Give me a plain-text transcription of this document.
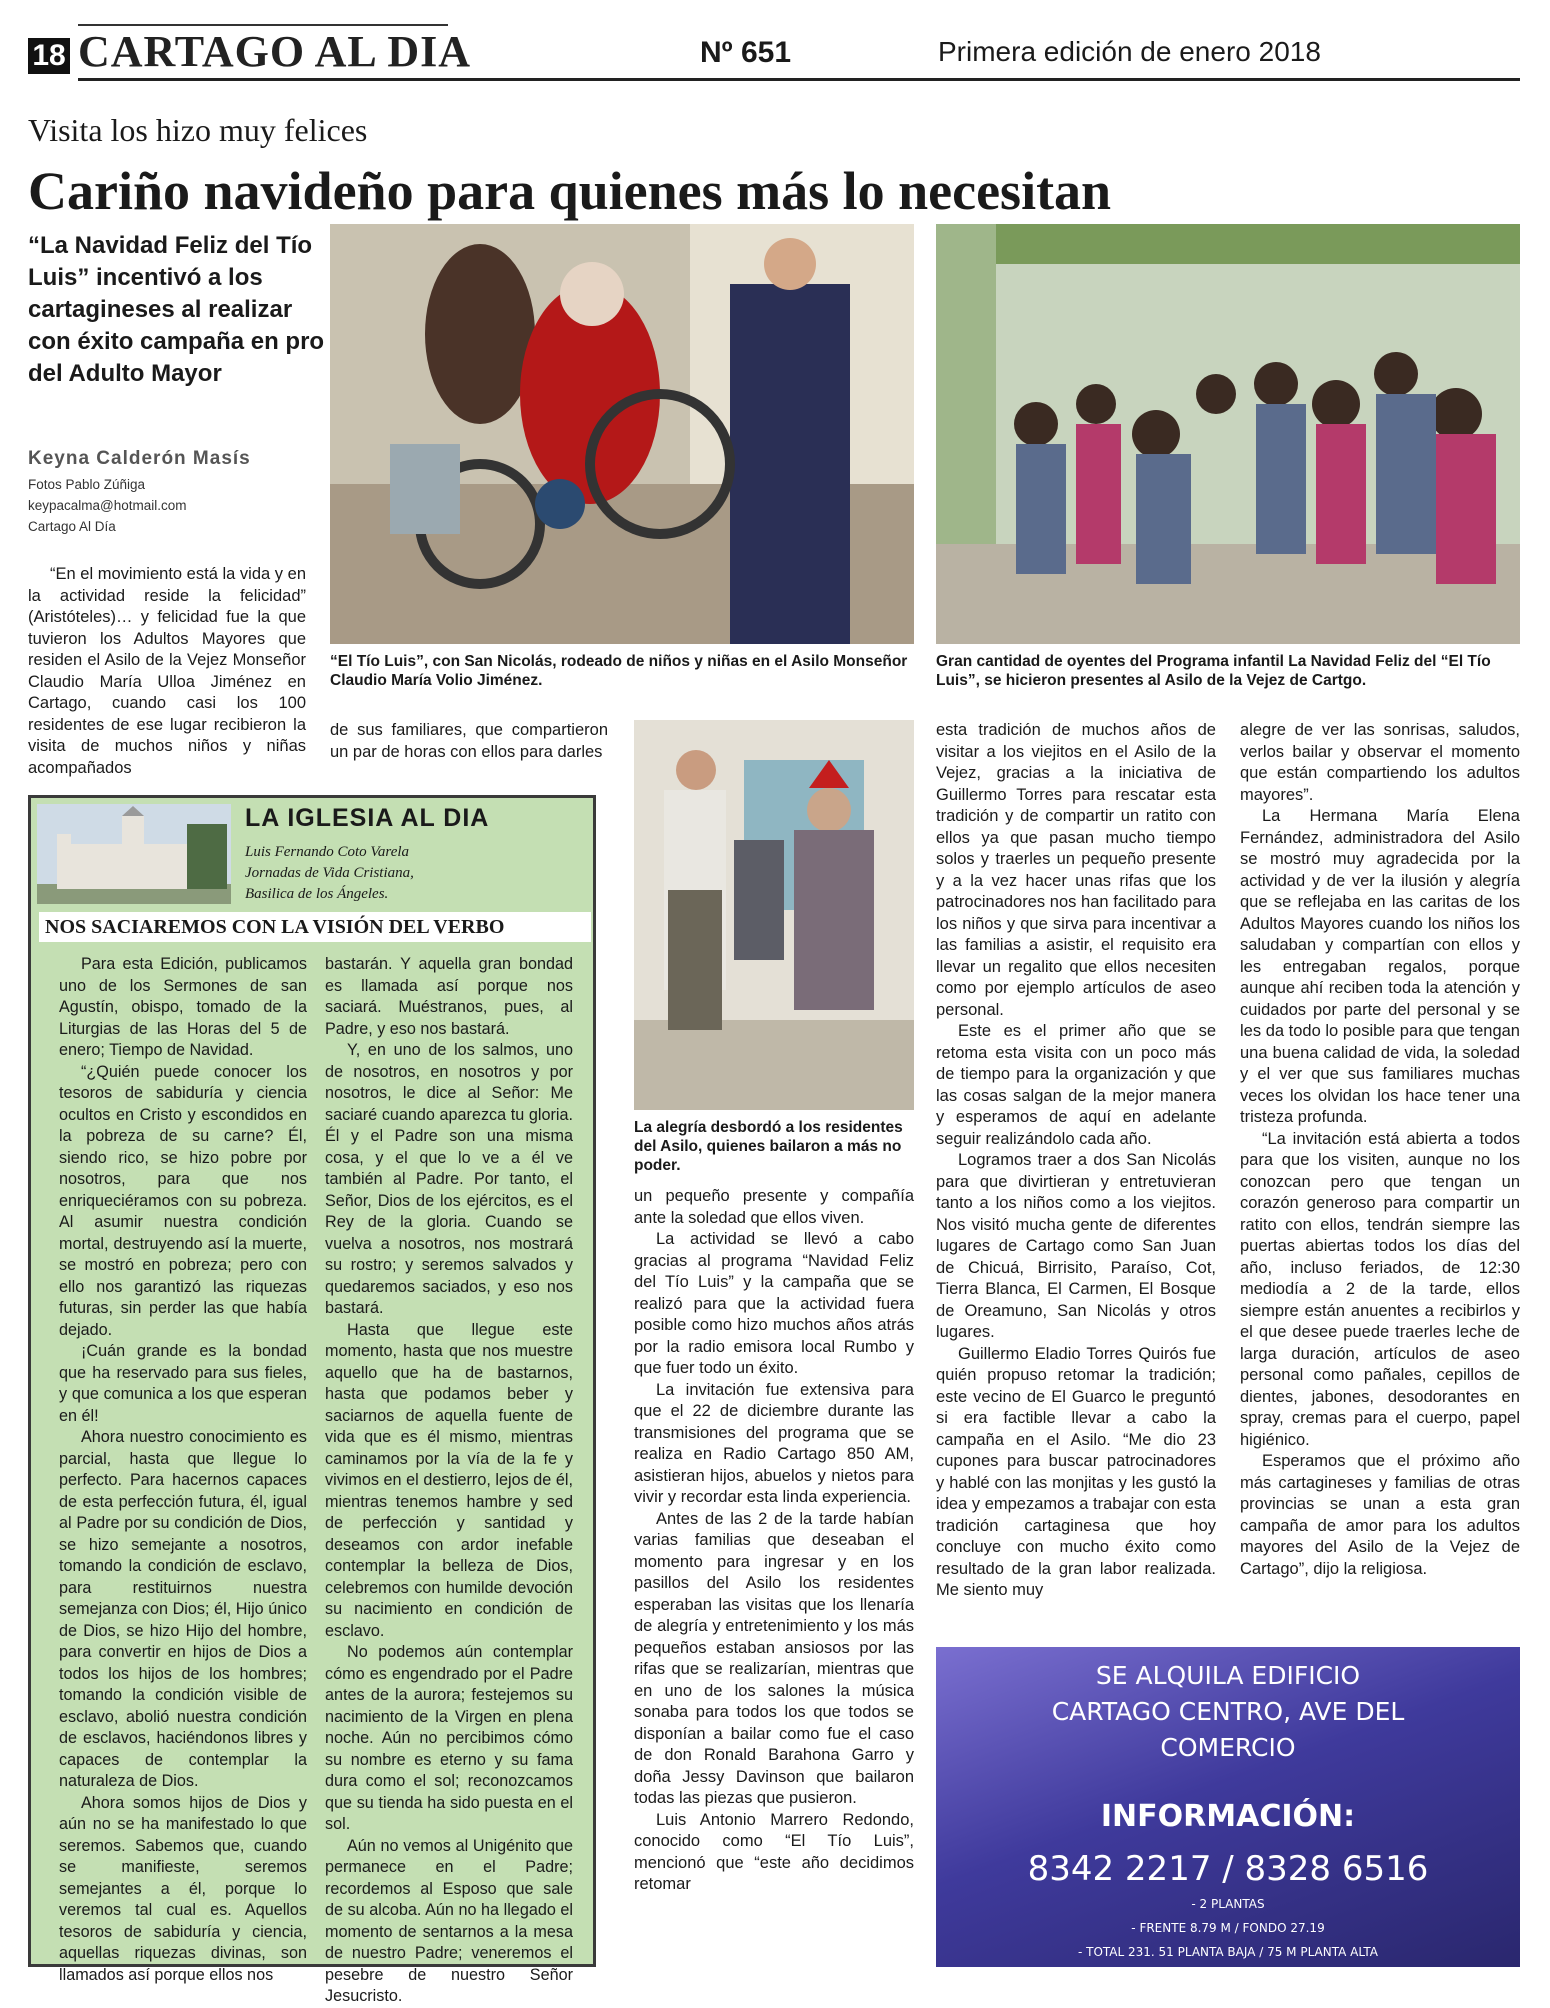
18 CARTAGO AL DIA	Nº 651	Primera edición de enero 2018
Visita los hizo muy felices
Cariño navideño para quienes más lo necesitan
“La Navidad Feliz del Tío Luis” incentivó a los cartagineses al realizar con éxito campaña en pro del Adulto Mayor
Keyna Calderón Masís
Fotos Pablo Zúñiga
keypacalma@hotmail.com
Cartago Al Día

“En el movimiento está la vida y en la actividad reside la felicidad” (Aristóteles)… y felicidad fue la que tuvieron los Adultos Mayores que residen el Asilo de la Vejez Monseñor Claudio María Ulloa Jiménez en Cartago, cuando casi los 100 residentes de ese lugar recibieron la visita de muchos niños y niñas acompañados

“El Tío Luis”, con San Nicolás, rodeado de niños y niñas en el Asilo Monseñor Claudio María Volio Jiménez.
Gran cantidad de oyentes del Programa infantil La Navidad Feliz del “El Tío Luis”, se hicieron presentes al Asilo de la Vejez de Cartgo.

de sus familiares, que compartieron un par de horas con ellos para darles

La alegría desbordó a los residentes del Asilo, quienes bailaron a más no poder.

un pequeño presente y compañía ante la soledad que ellos viven.

La actividad se llevó a cabo gracias al programa “Navidad Feliz del Tío Luis” y la campaña que se realizó para que la actividad fuera posible como hizo muchos años atrás por la radio emisora local Rumbo y que fuer todo un éxito.

La invitación fue extensiva para que el 22 de diciembre durante las transmisiones del programa que se realiza en Radio Cartago 850 AM, asistieran hijos, abuelos y nietos para vivir y recordar esta linda experiencia.

Antes de las 2 de la tarde habían varias familias que deseaban el momento para ingresar y en los pasillos del Asilo los residentes esperaban las visitas que los llenaría de alegría y entretenimiento y los más pequeños estaban ansiosos por las rifas que se realizarían, mientras que en uno de los salones la música sonaba para todos los que todos se disponían a bailar como fue el caso de don Ronald Barahona Garro y doña Jessy Davinson que bailaron todas las piezas que pusieron.

Luis Antonio Marrero Redondo, conocido como “El Tío Luis”, mencionó que “este año decidimos retomar

esta tradición de muchos años de visitar a los viejitos en el Asilo de la Vejez, gracias a la iniciativa de Guillermo Torres para rescatar esta tradición y de compartir un ratito con ellos ya que pasan mucho tiempo solos y traerles un pequeño presente y a la vez hacer unas rifas que los patrocinadores nos han facilitado para los niños y que sirva para incentivar a las familias a asistir, el requisito era llevar un regalito que ellos necesiten como por ejemplo artículos de aseo personal.

Este es el primer año que se retoma esta visita con un poco más de tiempo para la organización y que las cosas salgan de la mejor manera y esperamos de aquí en adelante seguir realizándolo cada año.

Logramos traer a dos San Nicolás para que divirtieran y entretuvieran tanto a los niños como a los viejitos. Nos visitó mucha gente de diferentes lugares de Cartago como San Juan de Chicuá, Birrisito, Paraíso, Cot, Tierra Blanca, El Carmen, El Bosque de Oreamuno, San Nicolás y otros lugares.

Guillermo Eladio Torres Quirós fue quién propuso retomar la tradición; este vecino de El Guarco le preguntó si era factible llevar a cabo la campaña en el Asilo. “Me dio 23 cupones para buscar patrocinadores y hablé con las monjitas y les gustó la idea y empezamos a trabajar con esta tradición cartaginesa que hoy concluye con mucho éxito como resultado de la gran labor realizada. Me siento muy

alegre de ver las sonrisas, saludos, verlos bailar y observar el momento que están compartiendo los adultos mayores”.

La Hermana María Elena Fernández, administradora del Asilo se mostró muy agradecida por la actividad y de ver la ilusión y alegría que se reflejaba en las caritas de los Adultos Mayores cuando los niños los saludaban y compartían con ellos y les entregaban regalos, porque aunque ahí reciben toda la atención y cuidados por parte del personal y se les da todo lo posible para que tengan una buena calidad de vida, la soledad y el ver que sus familiares muchas veces los olvidan los hace tener una tristeza profunda.

“La invitación está abierta a todos para que los visiten, aunque no los conozcan pero que tengan un corazón generoso para compartir un ratito con ellos, tendrán siempre las puertas abiertas todos los días del año, incluso feriados, de 12:30 mediodía a 2 de la tarde, ellos siempre están anuentes a recibirlos y el que desee puede traerles leche de larga duración, artículos de aseo personal como pañales, cepillos de dientes, jabones, desodorantes en spray, cremas para el cuerpo, papel higiénico.

Esperamos que el próximo año más cartagineses y familias de otras provincias se unan a esta gran campaña de amor para los adultos mayores del Asilo de la Vejez de Cartago”, dijo la religiosa.

LA IGLESIA AL DIA
Luis Fernando Coto Varela
Jornadas de Vida Cristiana,
Basilica de los Ángeles.
NOS SACIAREMOS CON LA VISIÓN DEL VERBO

Para esta Edición, publicamos uno de los Sermones de san Agustín, obispo, tomado de la Liturgias de las Horas del 5 de enero; Tiempo de Navidad.

“¿Quién puede conocer los tesoros de sabiduría y ciencia ocultos en Cristo y escondidos en la pobreza de su carne? Él, siendo rico, se hizo pobre por nosotros, para que nos enriqueciéramos con su pobreza. Al asumir nuestra condición mortal, destruyendo así la muerte, se mostró en pobreza; pero con ello nos garantizó las riquezas futuras, sin perder las que había dejado.

¡Cuán grande es la bondad que ha reservado para sus fieles, y que comunica a los que esperan en él!

Ahora nuestro conocimiento es parcial, hasta que llegue lo perfecto. Para hacernos capaces de esta perfección futura, él, igual al Padre por su condición de Dios, se hizo semejante a nosotros, tomando la condición de esclavo, para restituirnos nuestra semejanza con Dios; él, Hijo único de Dios, se hizo Hijo del hombre, para convertir en hijos de Dios a todos los hijos de los hombres; tomando la condición visible de esclavo, abolió nuestra condición de esclavos, haciéndonos libres y capaces de contemplar la naturaleza de Dios.

Ahora somos hijos de Dios y aún no se ha manifestado lo que seremos. Sabemos que, cuando se manifieste, seremos semejantes a él, porque lo veremos tal cual es. Aquellos tesoros de sabiduría y ciencia, aquellas riquezas divinas, son llamados así porque ellos nos

bastarán. Y aquella gran bondad es llamada así porque nos saciará. Muéstranos, pues, al Padre, y eso nos bastará.

Y, en uno de los salmos, uno de nosotros, en nosotros y por nosotros, le dice al Señor: Me saciaré cuando aparezca tu gloria. Él y el Padre son una misma cosa, y el que lo ve a él ve también al Padre. Por tanto, el Señor, Dios de los ejércitos, es el Rey de la gloria. Cuando se vuelva a nosotros, nos mostrará su rostro; y seremos salvados y quedaremos saciados, y eso nos bastará.

Hasta que llegue este momento, hasta que nos muestre aquello que ha de bastarnos, hasta que podamos beber y saciarnos de aquella fuente de vida que es él mismo, mientras caminamos por la vía de la fe y vivimos en el destierro, lejos de él, mientras tenemos hambre y sed de perfección y santidad y deseamos con ardor inefable contemplar la belleza de Dios, celebremos con humilde devoción su nacimiento en condición de esclavo.

No podemos aún contemplar cómo es engendrado por el Padre antes de la aurora; festejemos su nacimiento de la Virgen en plena noche. Aún no percibimos cómo su nombre es eterno y su fama dura como el sol; reconozcamos que su tienda ha sido puesta en el sol.

Aún no vemos al Unigénito que permanece en el Padre; recordemos al Esposo que sale de su alcoba. Aún no ha llegado el momento de sentarnos a la mesa de nuestro Padre; veneremos el pesebre de nuestro Señor Jesucristo.

SE ALQUILA EDIFICIO
CARTAGO CENTRO, AVE DEL
COMERCIO
INFORMACIÓN:
8342 2217 / 8328 6516
- 2 PLANTAS
- FRENTE 8.79 M / FONDO 27.19
- TOTAL 231. 51 PLANTA BAJA / 75 M PLANTA ALTA
